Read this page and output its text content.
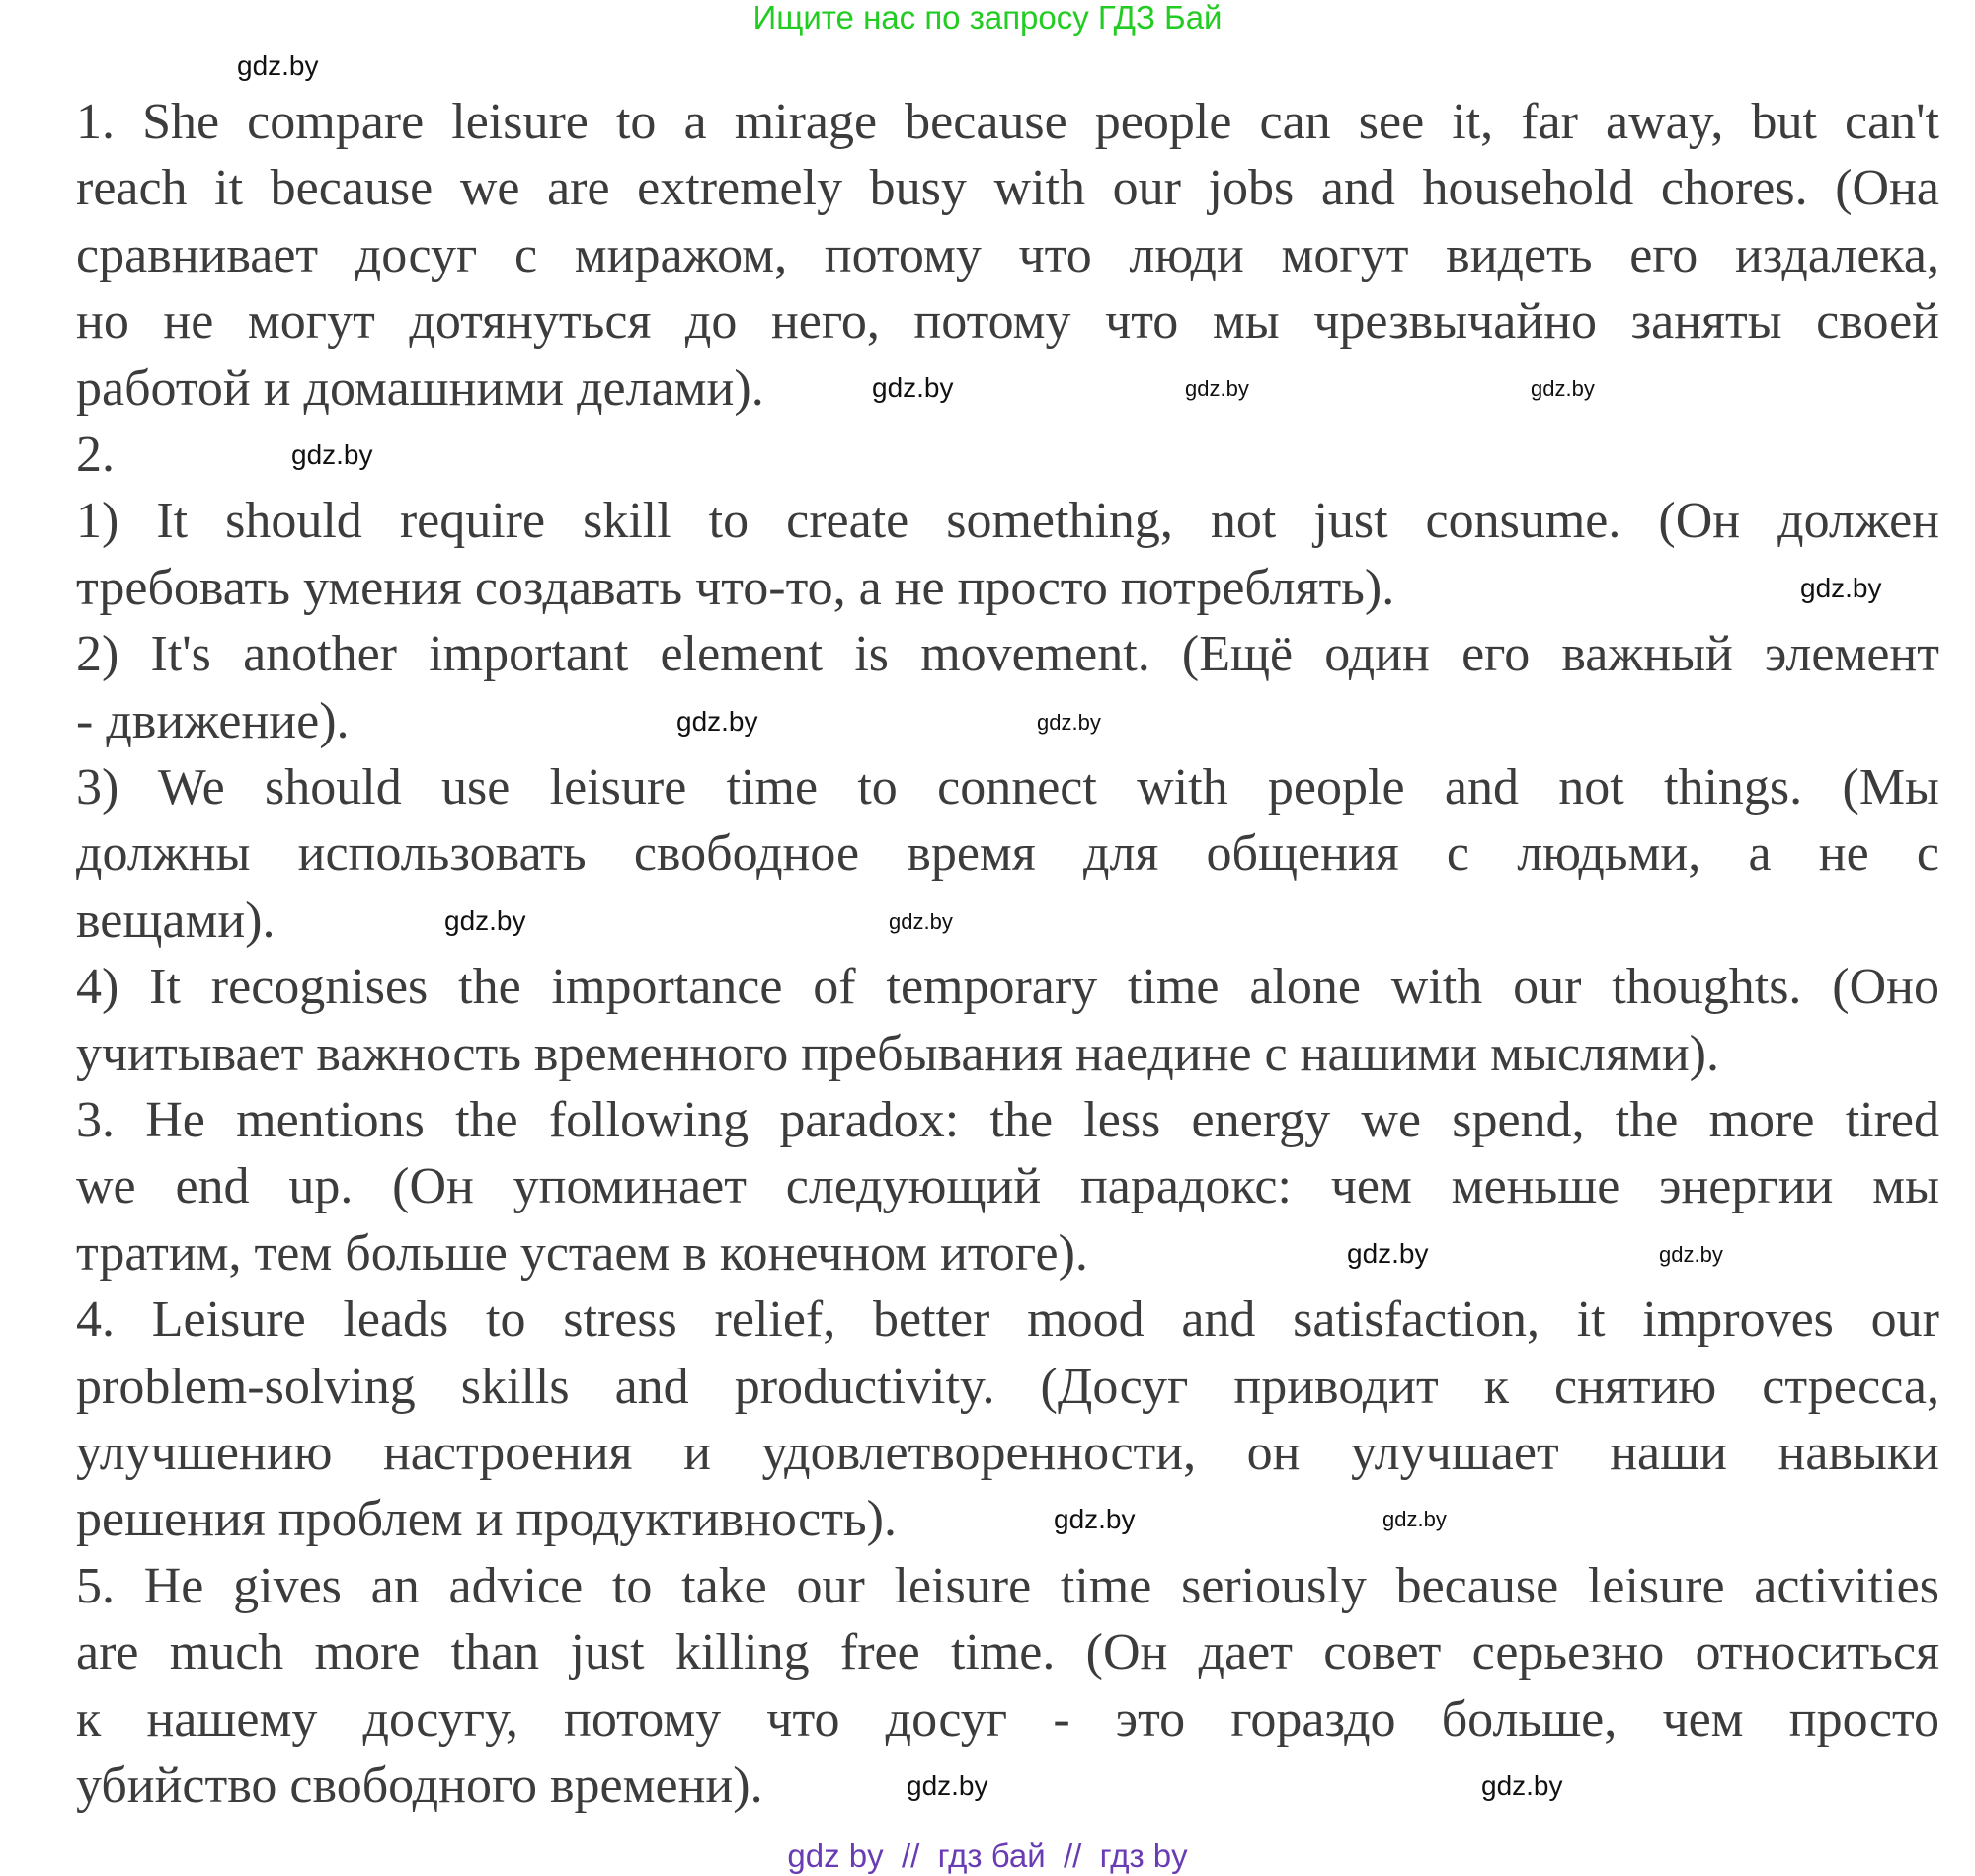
Ищите нас по запросу ГДЗ Бай
1. She compare leisure to a mirage because people can see it, far away, but can't
reach it because we are extremely busy with our jobs and household chores. (Она
сравнивает досуг с миражом, потому что люди могут видеть его издалека,
но не могут дотянуться до него, потому что мы чрезвычайно заняты своей
работой и домашними делами).
2.
1) It should require skill to create something, not just consume. (Он должен
требовать умения создавать что-то, а не просто потреблять).
2) It's another important element is movement. (Ещё один его важный элемент
- движение).
3) We should use leisure time to connect with people and not things. (Мы
должны использовать свободное время для общения с людьми, а не с
вещами).
4) It recognises the importance of temporary time alone with our thoughts. (Оно
учитывает важность временного пребывания наедине с нашими мыслями).
3. He mentions the following paradox: the less energy we spend, the more tired
we end up. (Он упоминает следующий парадокс: чем меньше энергии мы
тратим, тем больше устаем в конечном итоге).
4. Leisure leads to stress relief, better mood and satisfaction, it improves our
problem-solving skills and productivity. (Досуг приводит к снятию стресса,
улучшению настроения и удовлетворенности, он улучшает наши навыки
решения проблем и продуктивность).
5. He gives an advice to take our leisure time seriously because leisure activities
are much more than just killing free time. (Он дает совет серьезно относиться
к нашему досугу, потому что досуг - это гораздо больше, чем просто
убийство свободного времени).
gdz.by
gdz.by	gdz.by
gdz.by
gdz.by
gdz.by
gdz.by	gdz.by
gdz.by
gdz.by	gdz.by
gdz.by
gdz.by
gdz.by
gdz.by
gdz.by
gdz by  //  гдз бай  //  гдз by
